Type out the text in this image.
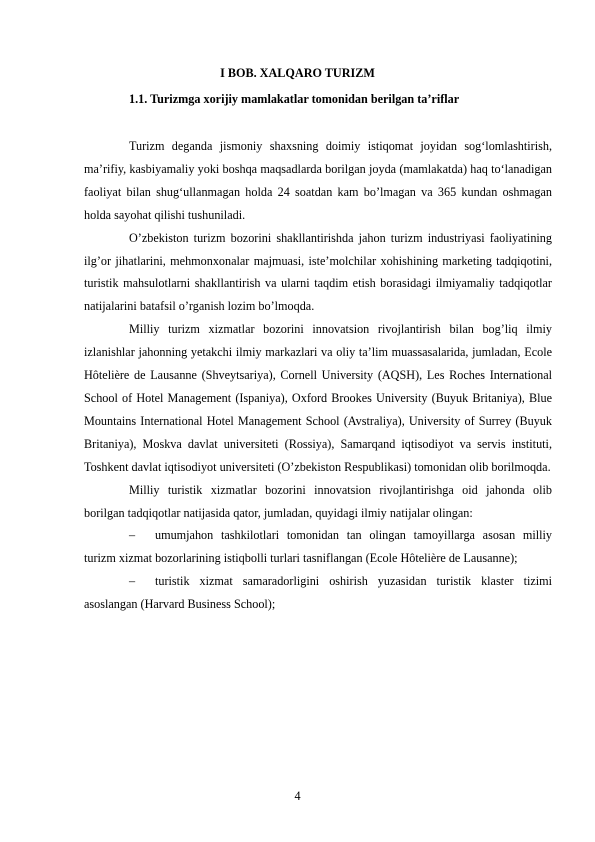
I BOB. XALQARO TURIZM
1.1. Turizmga xorijiy mamlakatlar tomonidan berilgan ta’riflar

Turizm deganda jismoniy shaxsning doimiy istiqomat joyidan sog‘lomlashtirish, ma’rifiy, kasbiyamaliy yoki boshqa maqsadlarda borilgan joyda (mamlakatda) haq to‘lanadigan faoliyat bilan shug‘ullanmagan holda 24 soatdan kam bo’lmagan va 365 kundan oshmagan holda sayohat qilishi tushuniladi.

O’zbekiston turizm bozorini shakllantirishda jahon turizm industriyasi faoliyatining ilg’or jihatlarini, mehmonxonalar majmuasi, iste’molchilar xohishining marketing tadqiqotini, turistik mahsulotlarni shakllantirish va ularni taqdim etish borasidagi ilmiyamaliy tadqiqotlar natijalarini batafsil o’rganish lozim bo’lmoqda.

Milliy turizm xizmatlar bozorini innovatsion rivojlantirish bilan bog’liq ilmiy izlanishlar jahonning yetakchi ilmiy markazlari va oliy ta’lim muassasalarida, jumladan, Ecole Hôtelière de Lausanne (Shveytsariya), Cornell University (AQSH), Les Roches International School of Hotel Management (Ispaniya), Oxford Brookes University (Buyuk Britaniya), Blue Mountains International Hotel Management School (Avstraliya), University of Surrey (Buyuk Britaniya), Moskva davlat universiteti (Rossiya), Samarqand iqtisodiyot va servis instituti, Toshkent davlat iqtisodiyot universiteti (O’zbekiston Respublikasi) tomonidan olib borilmoqda.

Milliy turistik xizmatlar bozorini innovatsion rivojlantirishga oid jahonda olib borilgan tadqiqotlar natijasida qator, jumladan, quyidagi ilmiy natijalar olingan:

– umumjahon tashkilotlari tomonidan tan olingan tamoyillarga asosan milliy turizm xizmat bozorlarining istiqbolli turlari tasniflangan (Ecole Hôtelière de Lausanne);
– turistik xizmat samaradorligini oshirish yuzasidan turistik klaster tizimi asoslangan (Harvard Business School);
4
